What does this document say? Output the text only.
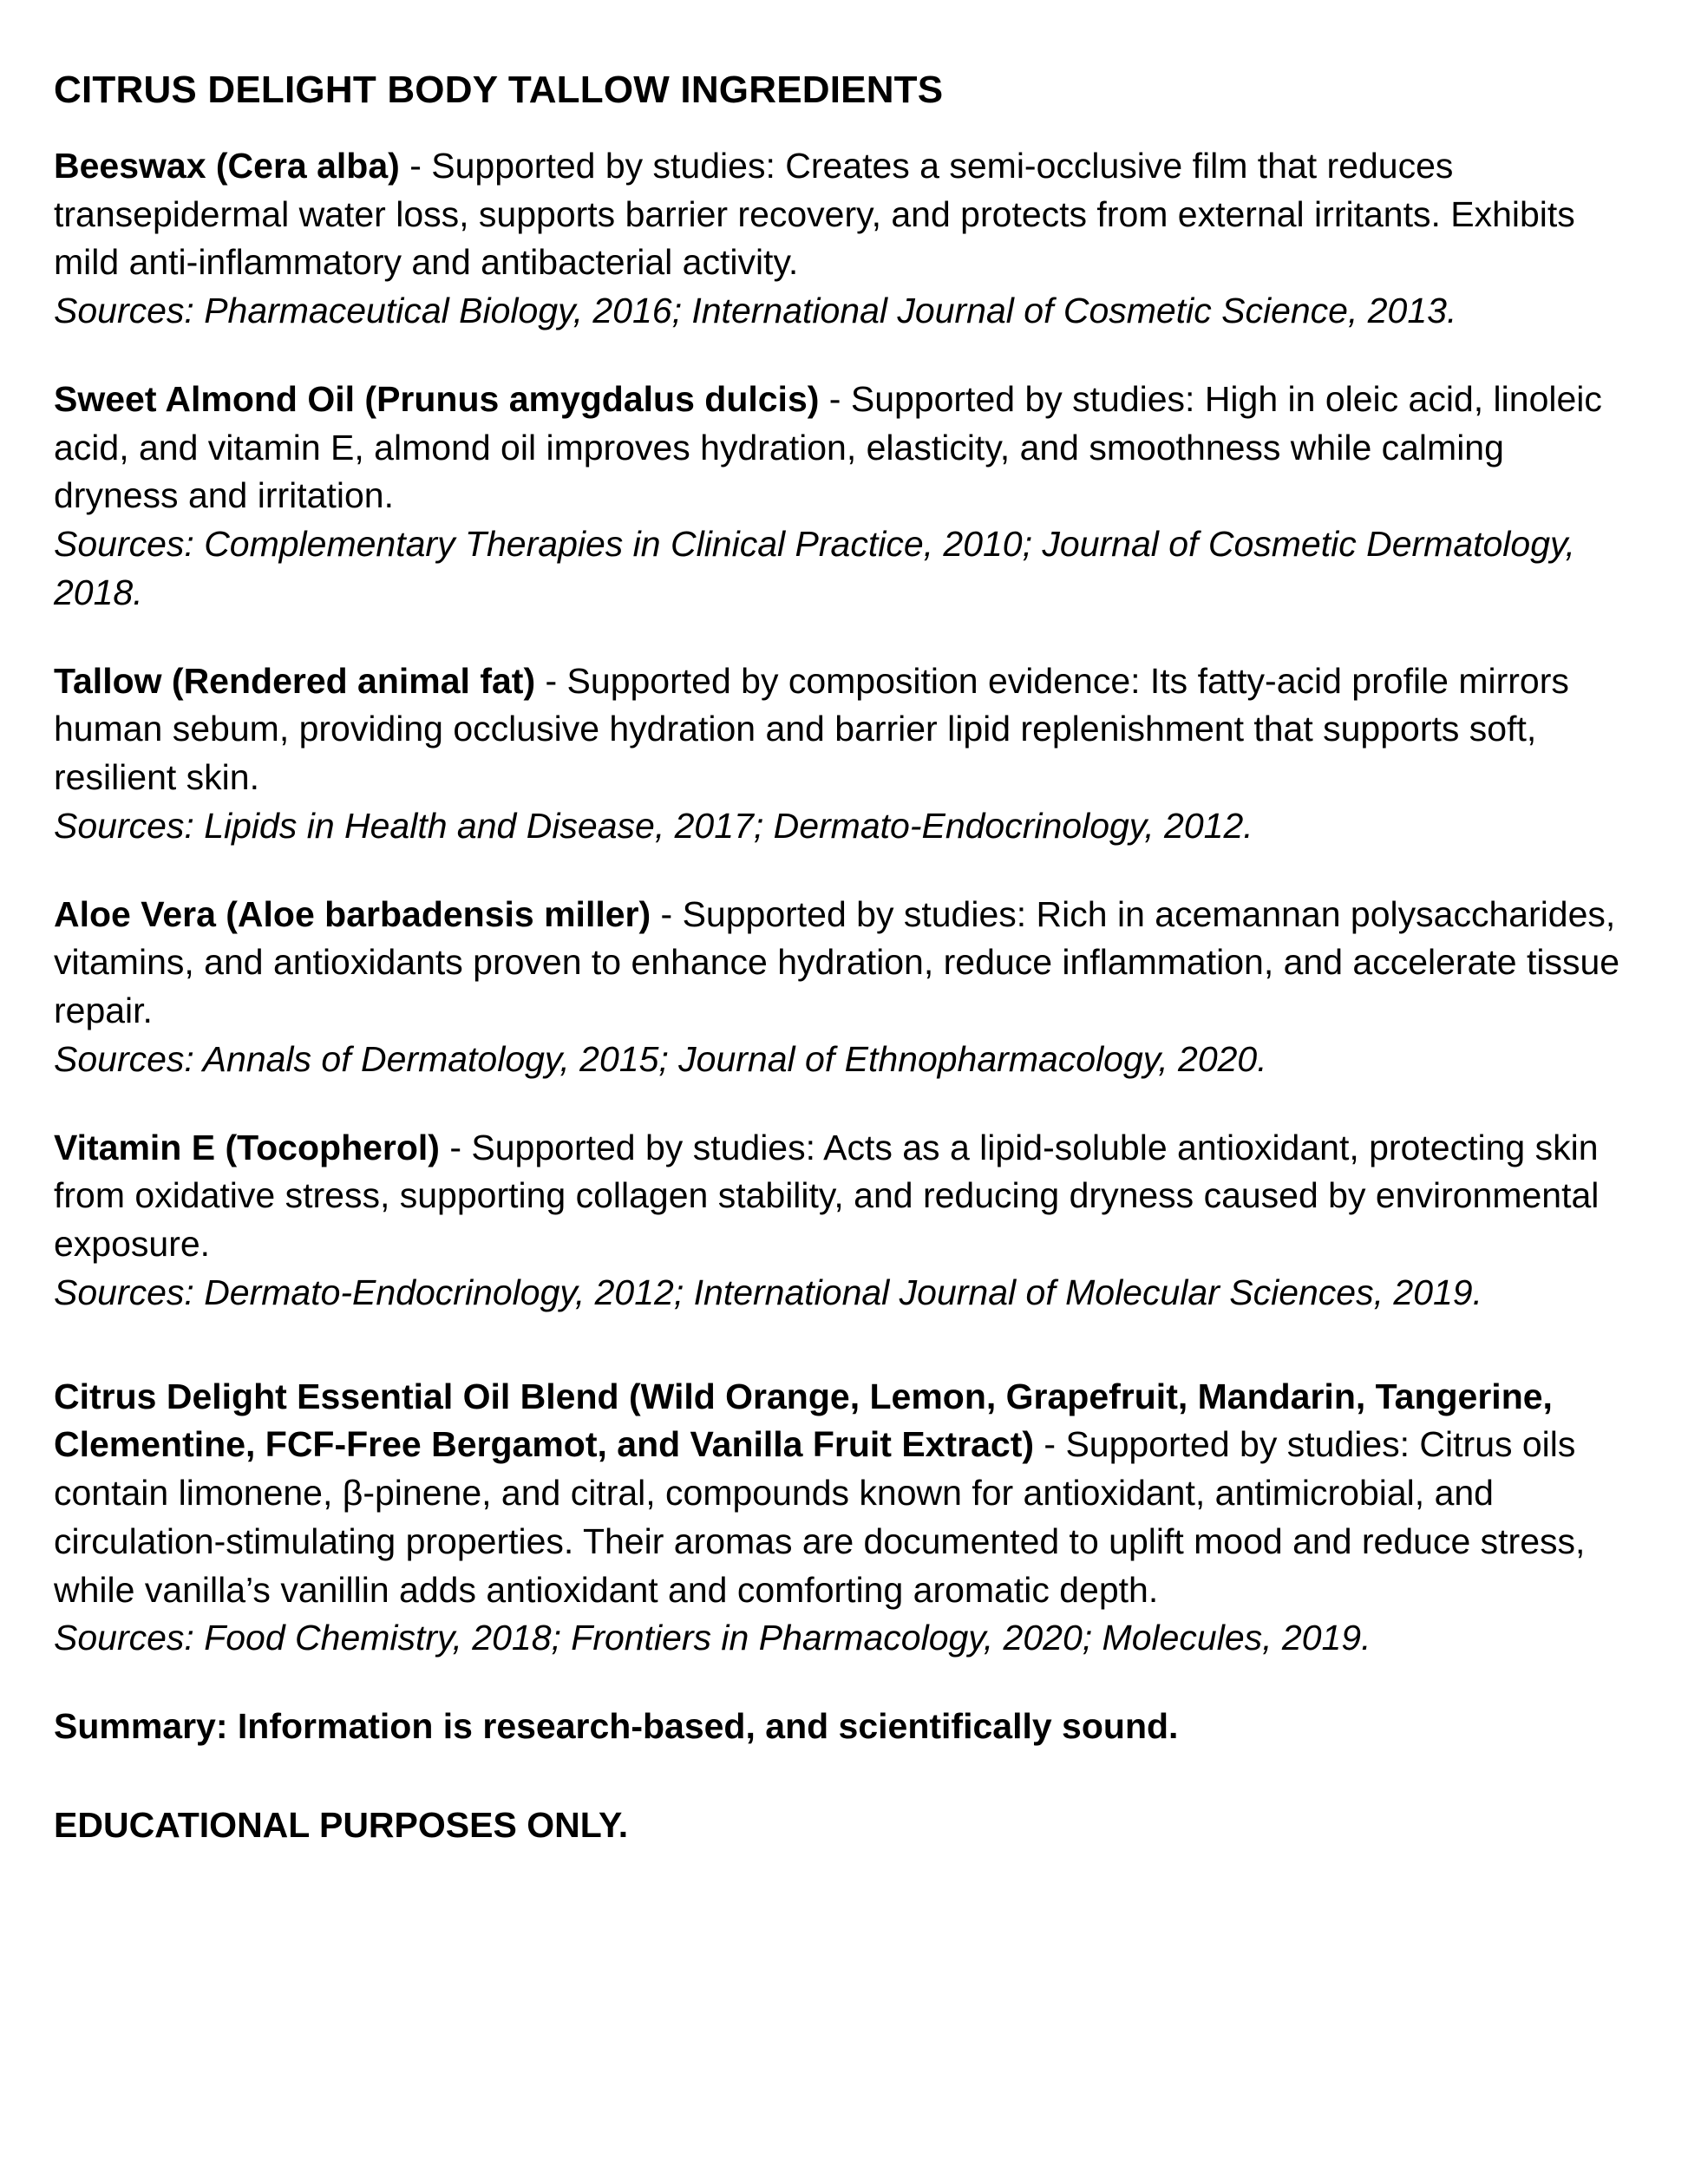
CITRUS DELIGHT BODY TALLOW INGREDIENTS

Beeswax (Cera alba) - Supported by studies: Creates a semi-occlusive film that reduces transepidermal water loss, supports barrier recovery, and protects from external irritants. Exhibits mild anti-inflammatory and antibacterial activity.

Sources: Pharmaceutical Biology, 2016; International Journal of Cosmetic Science, 2013.

Sweet Almond Oil (Prunus amygdalus dulcis) - Supported by studies: High in oleic acid, linoleic acid, and vitamin E, almond oil improves hydration, elasticity, and smoothness while calming dryness and irritation.

Sources: Complementary Therapies in Clinical Practice, 2010; Journal of Cosmetic Dermatology, 2018.

Tallow (Rendered animal fat) - Supported by composition evidence: Its fatty-acid profile mirrors human sebum, providing occlusive hydration and barrier lipid replenishment that supports soft, resilient skin.

Sources: Lipids in Health and Disease, 2017; Dermato-Endocrinology, 2012.

Aloe Vera (Aloe barbadensis miller) - Supported by studies: Rich in acemannan polysaccharides, vitamins, and antioxidants proven to enhance hydration, reduce inflammation, and accelerate tissue repair.

Sources: Annals of Dermatology, 2015; Journal of Ethnopharmacology, 2020.

Vitamin E (Tocopherol) - Supported by studies: Acts as a lipid-soluble antioxidant, protecting skin from oxidative stress, supporting collagen stability, and reducing dryness caused by environmental exposure.

Sources: Dermato-Endocrinology, 2012; International Journal of Molecular Sciences, 2019.

Citrus Delight Essential Oil Blend (Wild Orange, Lemon, Grapefruit, Mandarin, Tangerine, Clementine, FCF-Free Bergamot, and Vanilla Fruit Extract) - Supported by studies: Citrus oils contain limonene, β-pinene, and citral, compounds known for antioxidant, antimicrobial, and circulation-stimulating properties. Their aromas are documented to uplift mood and reduce stress, while vanilla’s vanillin adds antioxidant and comforting aromatic depth.

Sources: Food Chemistry, 2018; Frontiers in Pharmacology, 2020; Molecules, 2019.

Summary: Information is research-based, and scientifically sound.

EDUCATIONAL PURPOSES ONLY.
